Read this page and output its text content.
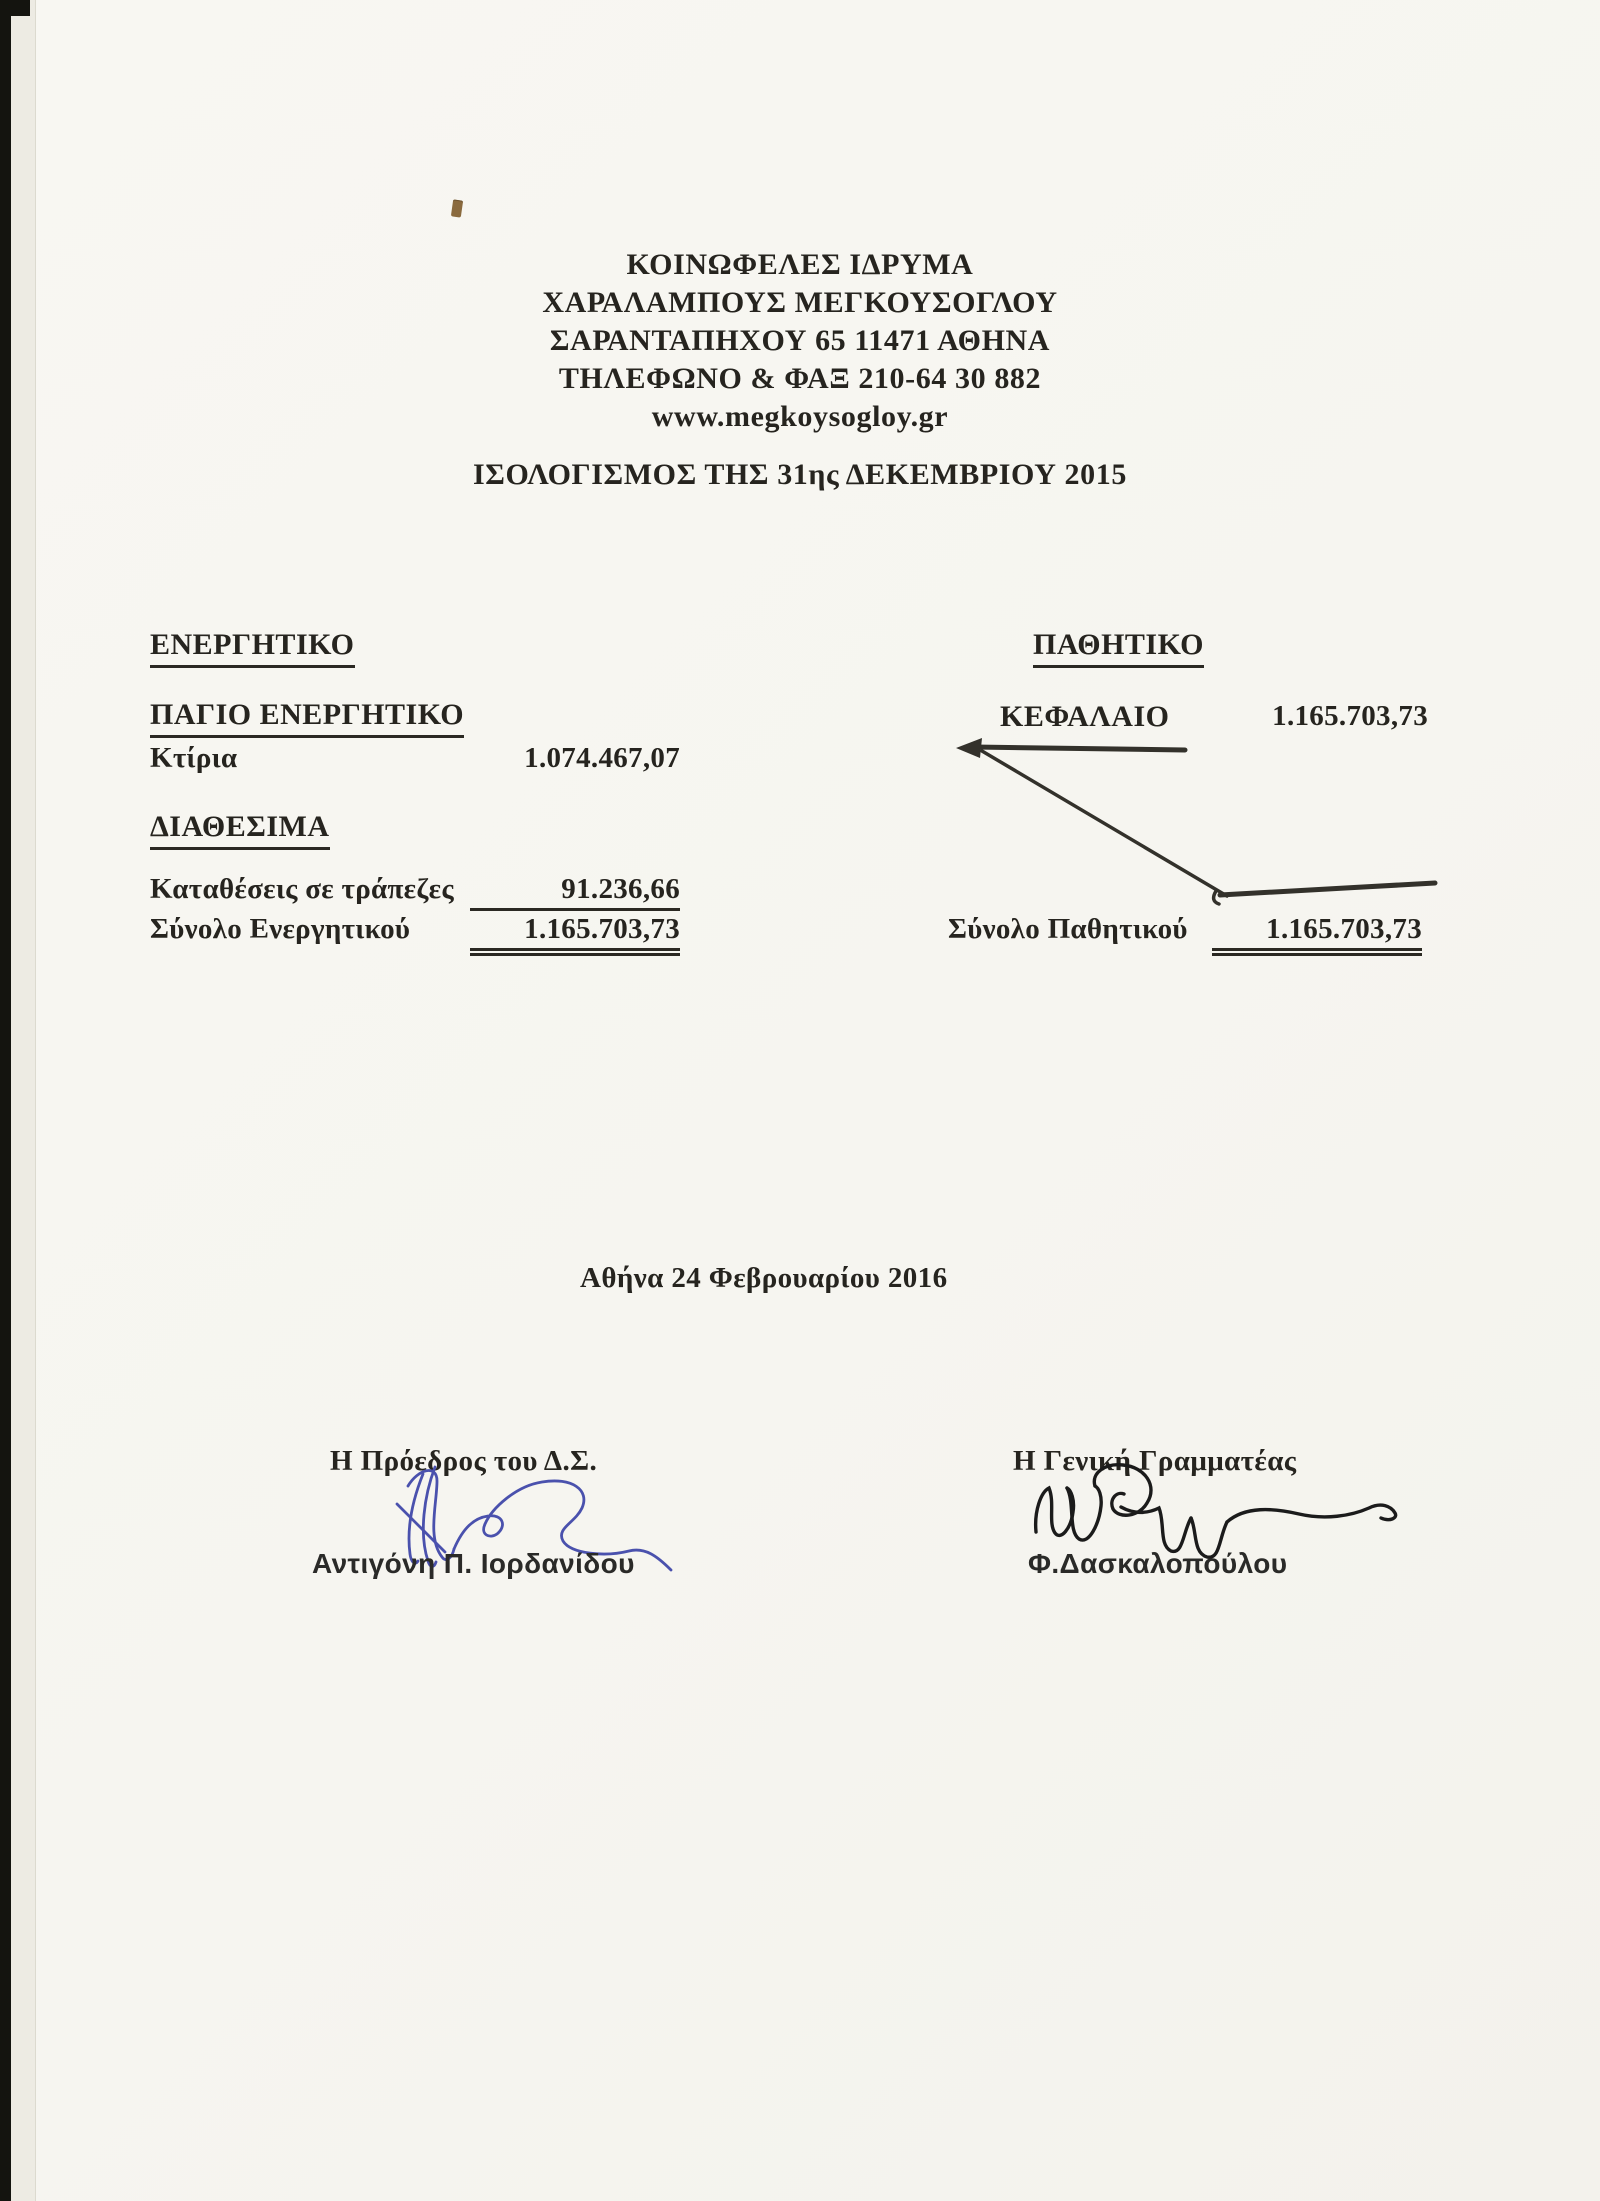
ΚΟΙΝΩΦΕΛΕΣ ΙΔΡΥΜΑ
ΧΑΡΑΛΑΜΠΟΥΣ ΜΕΓΚΟΥΣΟΓΛΟΥ
ΣΑΡΑΝΤΑΠΗΧΟΥ 65 11471 ΑΘΗΝΑ
ΤΗΛΕΦΩΝΟ & ΦΑΞ 210-64 30 882
www.megkoysogloy.gr
ΙΣΟΛΟΓΙΣΜΟΣ ΤΗΣ 31ης ΔΕΚΕΜΒΡΙΟΥ 2015
ΕΝΕΡΓΗΤΙΚΟ
ΠΑΓΙΟ ΕΝΕΡΓΗΤΙΚΟ
Κτίρια	1.074.467,07
ΔΙΑΘΕΣΙΜΑ
Καταθέσεις σε τράπεζες	91.236,66
Σύνολο Ενεργητικού	1.165.703,73
ΠΑΘΗΤΙΚΟ
ΚΕΦΑΛΑΙΟ	1.165.703,73
Σύνολο Παθητικού	1.165.703,73
Αθήνα 24 Φεβρουαρίου 2016
Η Πρόεδρος του Δ.Σ.
Αντιγόνη Π. Ιορδανίδου
Η Γενική Γραμματέας
Φ.Δασκαλοπούλου
